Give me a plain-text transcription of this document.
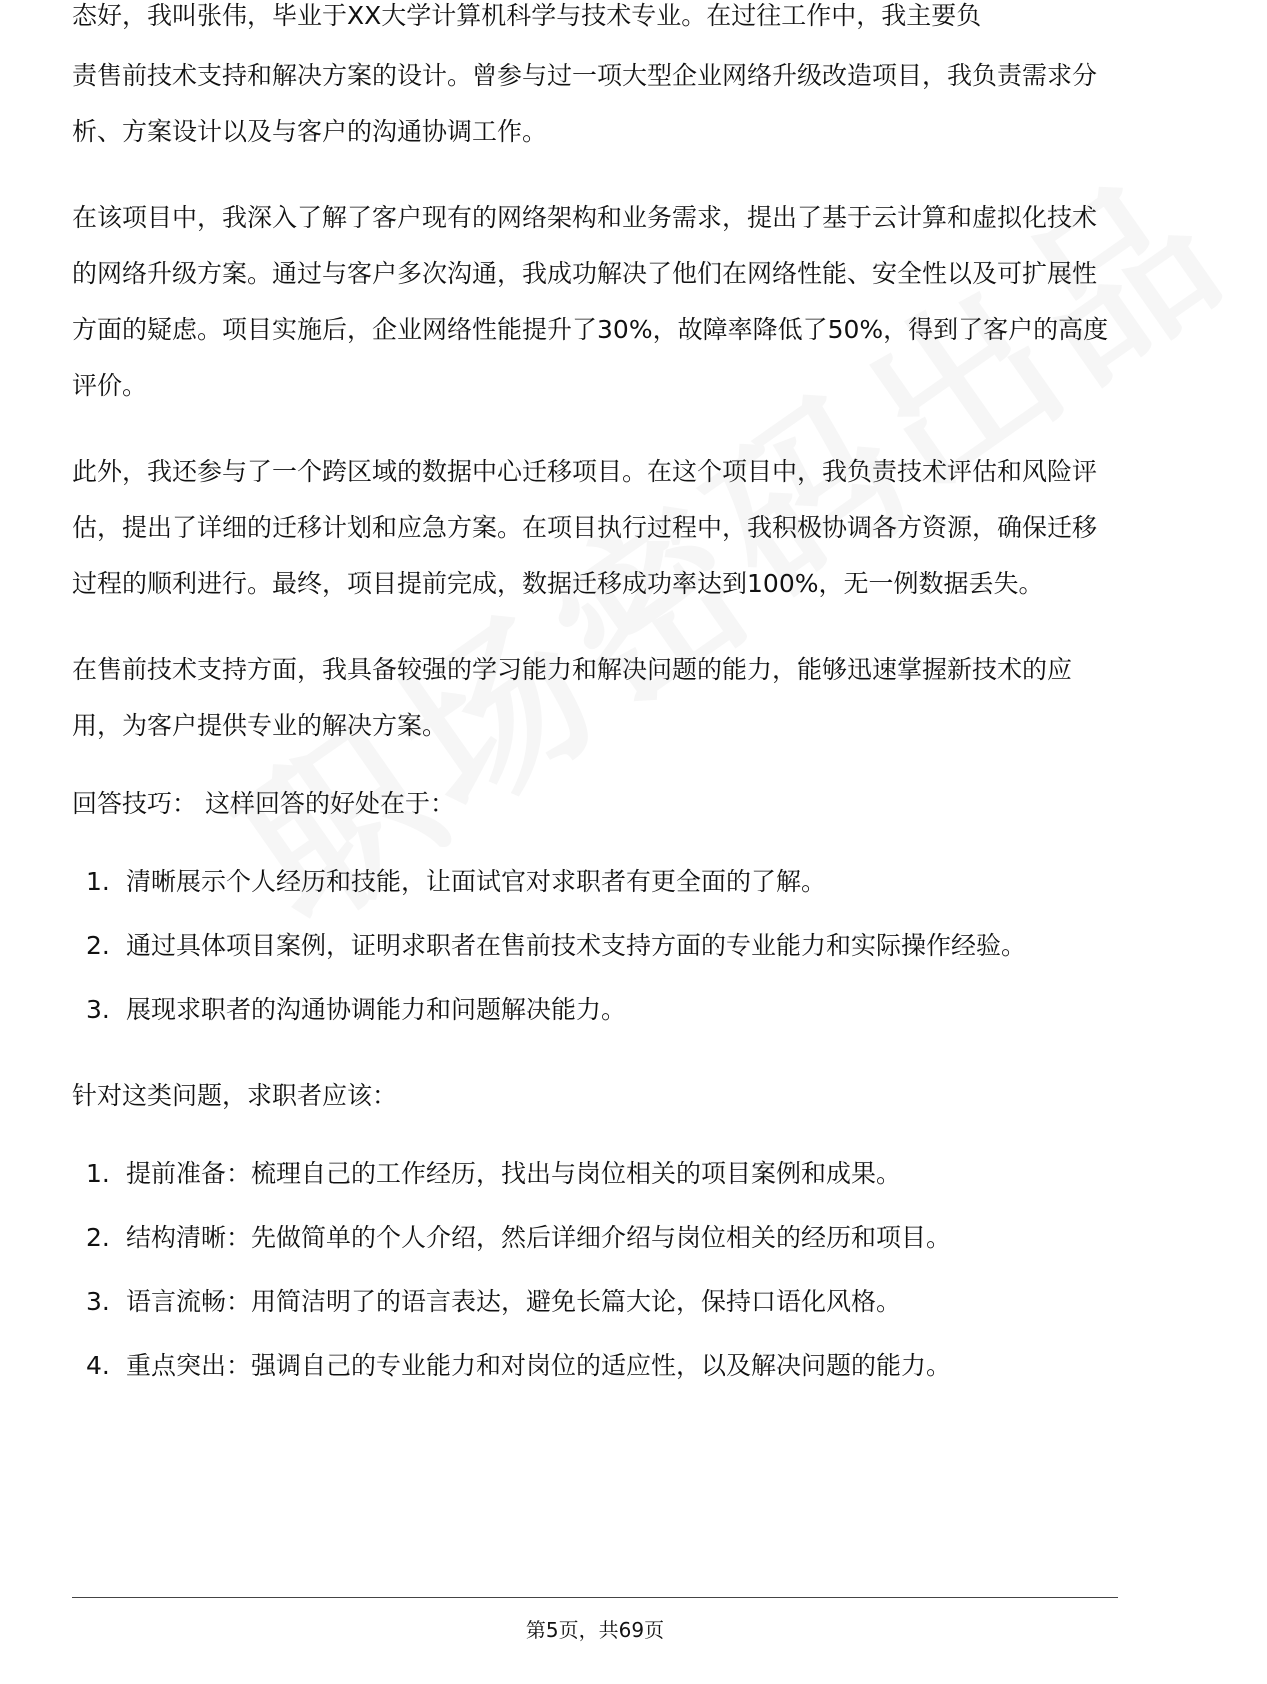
态好，我叫张伟，毕业于XX大学计算机科学与技术专业。在过往工作中，我主要负

责售前技术支持和解决方案的设计。曾参与过一项大型企业网络升级改造项目，我负责需求分析、方案设计以及与客户的沟通协调工作。

在该项目中，我深入了解了客户现有的网络架构和业务需求，提出了基于云计算和虚拟化技术的网络升级方案。通过与客户多次沟通，我成功解决了他们在网络性能、安全性以及可扩展性方面的疑虑。项目实施后，企业网络性能提升了30%，故障率降低了50%，得到了客户的高度评价。

此外，我还参与了一个跨区域的数据中心迁移项目。在这个项目中，我负责技术评估和风险评估，提出了详细的迁移计划和应急方案。在项目执行过程中，我积极协调各方资源，确保迁移过程的顺利进行。最终，项目提前完成，数据迁移成功率达到100%，无一例数据丢失。

在售前技术支持方面，我具备较强的学习能力和解决问题的能力，能够迅速掌握新技术的应用，为客户提供专业的解决方案。

回答技巧： 这样回答的好处在于：

1. 清晰展示个人经历和技能，让面试官对求职者有更全面的了解。
2. 通过具体项目案例，证明求职者在售前技术支持方面的专业能力和实际操作经验。
3. 展现求职者的沟通协调能力和问题解决能力。

针对这类问题，求职者应该：

1. 提前准备：梳理自己的工作经历，找出与岗位相关的项目案例和成果。
2. 结构清晰：先做简单的个人介绍，然后详细介绍与岗位相关的经历和项目。
3. 语言流畅：用简洁明了的语言表达，避免长篇大论，保持口语化风格。
4. 重点突出：强调自己的专业能力和对岗位的适应性，以及解决问题的能力。
第5页，共69页
